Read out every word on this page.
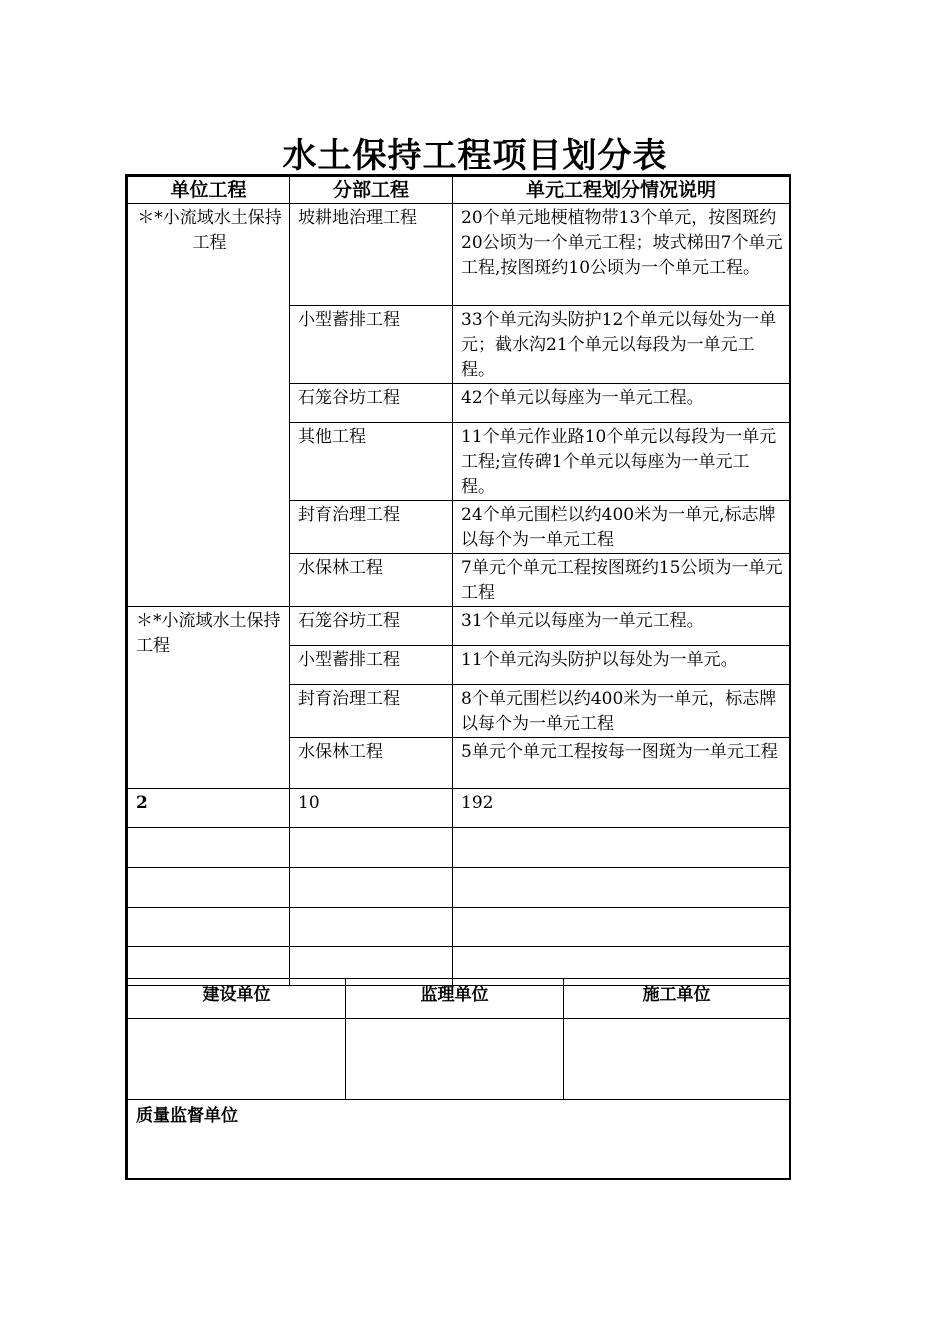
水土保持工程项目划分表
单位工程	分部工程	单元工程划分情况说明
＊*小流域水土保持工程	坡耕地治理工程	20个单元地梗植物带13个单元，按图斑约20公顷为一个单元工程；坡式梯田7个单元工程,按图斑约10公顷为一个单元工程。
	小型蓄排工程	33个单元沟头防护12个单元以每处为一单元；截水沟21个单元以每段为一单元工程。
	石笼谷坊工程	42个单元以每座为一单元工程。
	其他工程	11个单元作业路10个单元以每段为一单元工程;宣传碑1个单元以每座为一单元工程。
	封育治理工程	24个单元围栏以约400米为一单元,标志牌以每个为一单元工程
	水保林工程	7单元个单元工程按图斑约15公顷为一单元工程
＊*小流域水土保持工程	石笼谷坊工程	31个单元以每座为一单元工程。
	小型蓄排工程	11个单元沟头防护以每处为一单元。
	封育治理工程	8个单元围栏以约400米为一单元，标志牌以每个为一单元工程
	水保林工程	5单元个单元工程按每一图斑为一单元工程
2	10	192

建设单位	监理单位	施工单位

质量监督单位		
